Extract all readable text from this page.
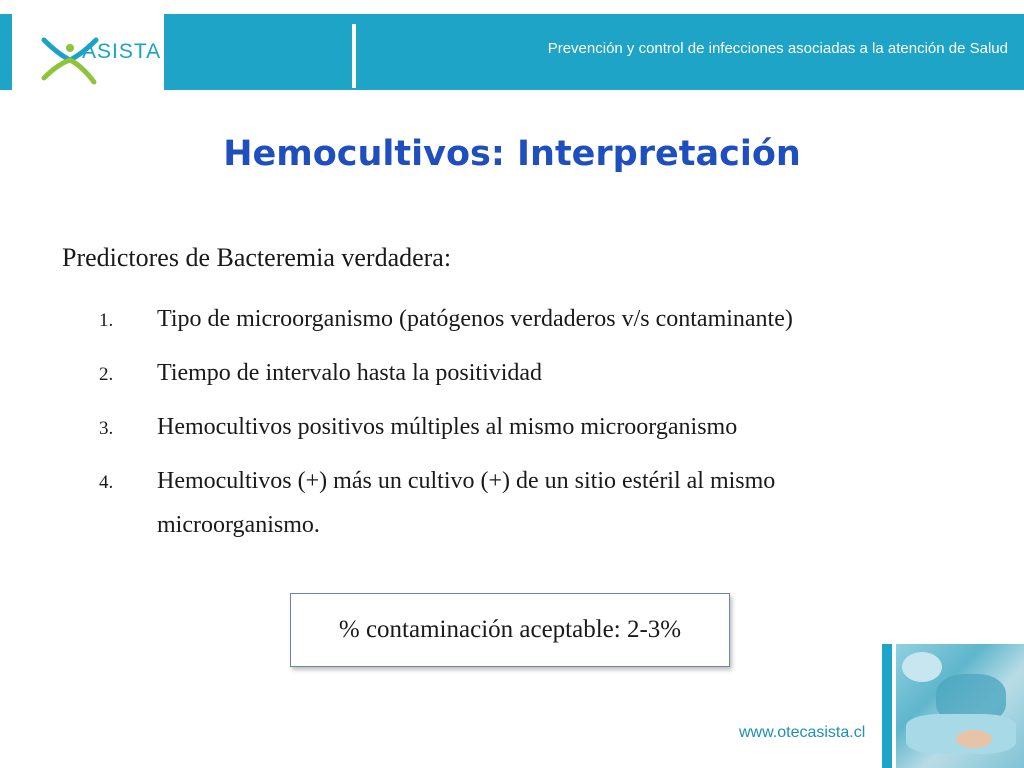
ASISTA	Prevención y control de infecciones asociadas a la atención de Salud
Hemocultivos: Interpretación
Predictores de Bacteremia verdadera:
1. Tipo de microorganismo (patógenos verdaderos v/s contaminante)
2. Tiempo de intervalo hasta la positividad
3. Hemocultivos positivos múltiples al mismo microorganismo
4. Hemocultivos (+) más un cultivo (+) de un sitio estéril al mismo microorganismo.
% contaminación aceptable: 2-3%
www.otecasista.cl
